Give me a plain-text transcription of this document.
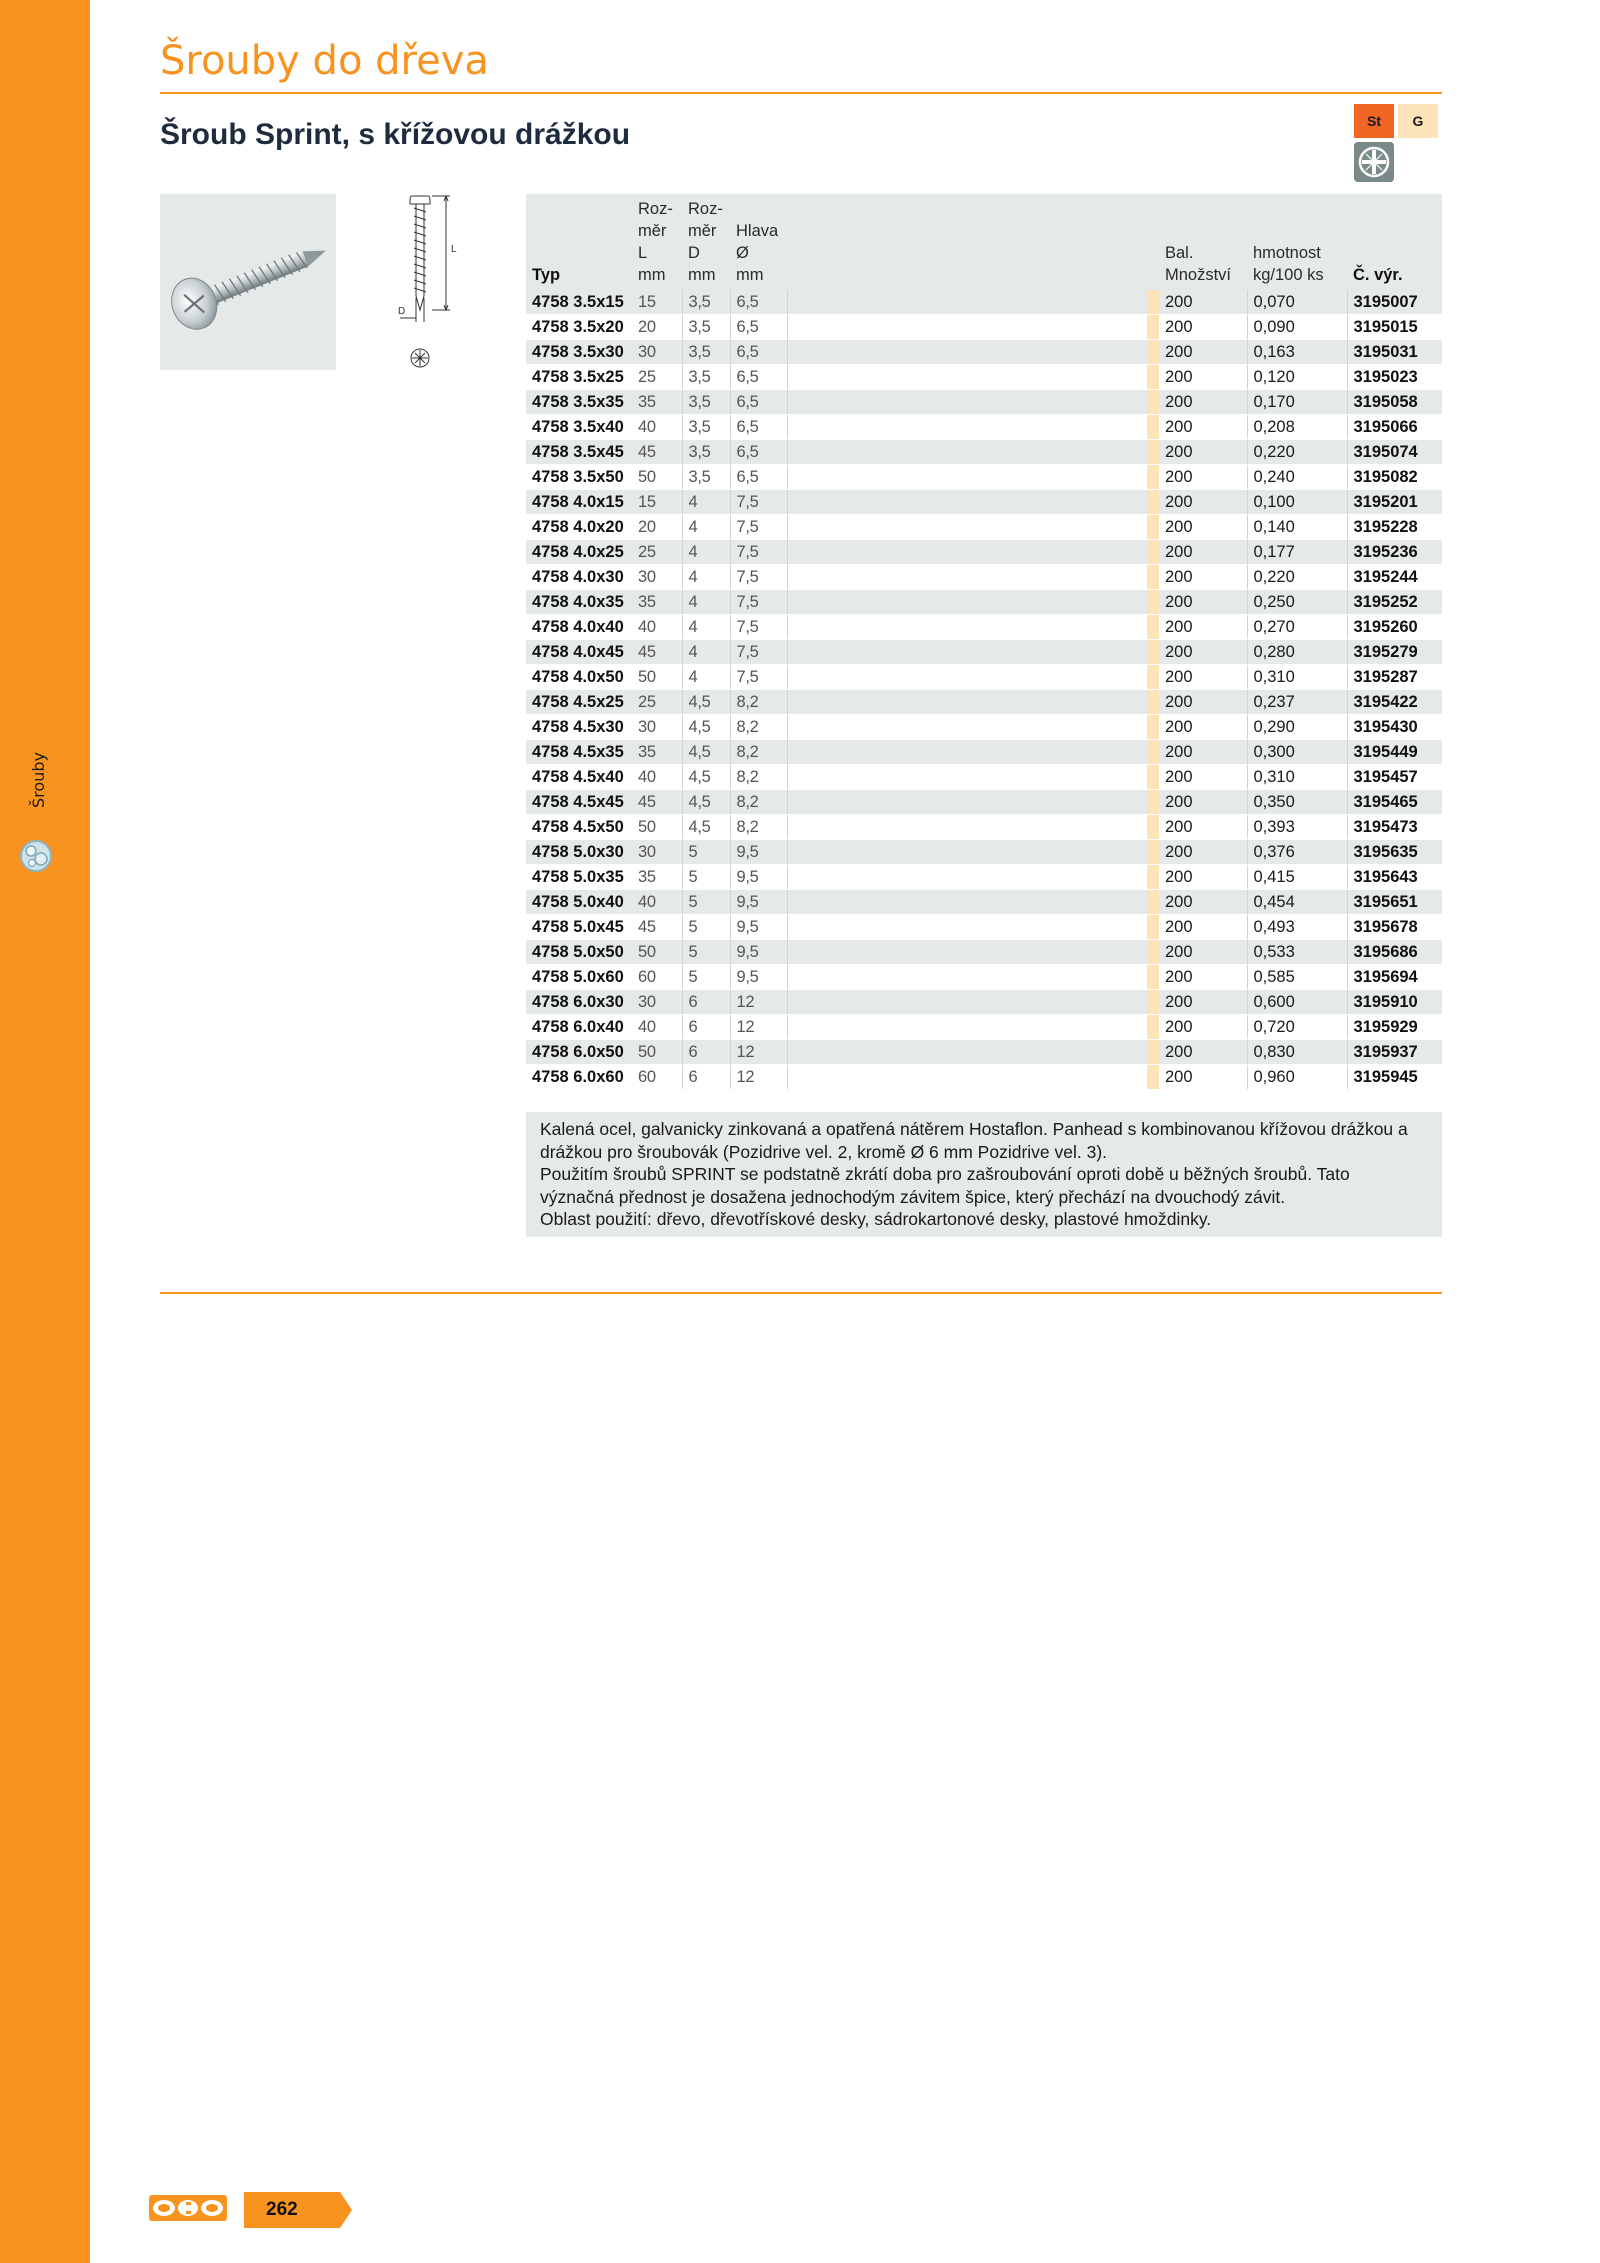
Šrouby
Šrouby do dřeva
Šroub Sprint, s křížovou drážkou	St	G
L
D
Typ	Roz-
měr
L
mm	Roz-
měr
D
mm	Hlava
Ø
mm			Bal.
Množství	hmotnost
kg/100 ks	Č. výr.
4758 3.5x15	15	3,5	6,5			200	0,070	3195007
4758 3.5x20	20	3,5	6,5			200	0,090	3195015
4758 3.5x30	30	3,5	6,5			200	0,163	3195031
4758 3.5x25	25	3,5	6,5			200	0,120	3195023
4758 3.5x35	35	3,5	6,5			200	0,170	3195058
4758 3.5x40	40	3,5	6,5			200	0,208	3195066
4758 3.5x45	45	3,5	6,5			200	0,220	3195074
4758 3.5x50	50	3,5	6,5			200	0,240	3195082
4758 4.0x15	15	4	7,5			200	0,100	3195201
4758 4.0x20	20	4	7,5			200	0,140	3195228
4758 4.0x25	25	4	7,5			200	0,177	3195236
4758 4.0x30	30	4	7,5			200	0,220	3195244
4758 4.0x35	35	4	7,5			200	0,250	3195252
4758 4.0x40	40	4	7,5			200	0,270	3195260
4758 4.0x45	45	4	7,5			200	0,280	3195279
4758 4.0x50	50	4	7,5			200	0,310	3195287
4758 4.5x25	25	4,5	8,2			200	0,237	3195422
4758 4.5x30	30	4,5	8,2			200	0,290	3195430
4758 4.5x35	35	4,5	8,2			200	0,300	3195449
4758 4.5x40	40	4,5	8,2			200	0,310	3195457
4758 4.5x45	45	4,5	8,2			200	0,350	3195465
4758 4.5x50	50	4,5	8,2			200	0,393	3195473
4758 5.0x30	30	5	9,5			200	0,376	3195635
4758 5.0x35	35	5	9,5			200	0,415	3195643
4758 5.0x40	40	5	9,5			200	0,454	3195651
4758 5.0x45	45	5	9,5			200	0,493	3195678
4758 5.0x50	50	5	9,5			200	0,533	3195686
4758 5.0x60	60	5	9,5			200	0,585	3195694
4758 6.0x30	30	6	12			200	0,600	3195910
4758 6.0x40	40	6	12			200	0,720	3195929
4758 6.0x50	50	6	12			200	0,830	3195937
4758 6.0x60	60	6	12			200	0,960	3195945

Kalená ocel, galvanicky zinkovaná a opatřená nátěrem Hostaflon. Panhead s kombinovanou křížovou drážkou a drážkou pro šroubovák (Pozidrive vel. 2, kromě Ø 6 mm Pozidrive vel. 3).

Použitím šroubů SPRINT se podstatně zkrátí doba pro zašroubování oproti době u běžných šroubů. Tato význačná přednost je dosažena jednochodým závitem špice, který přechází na dvouchodý závit.

Oblast použití: dřevo, dřevotřískové desky, sádrokartonové desky, plastové hmoždinky.

262
